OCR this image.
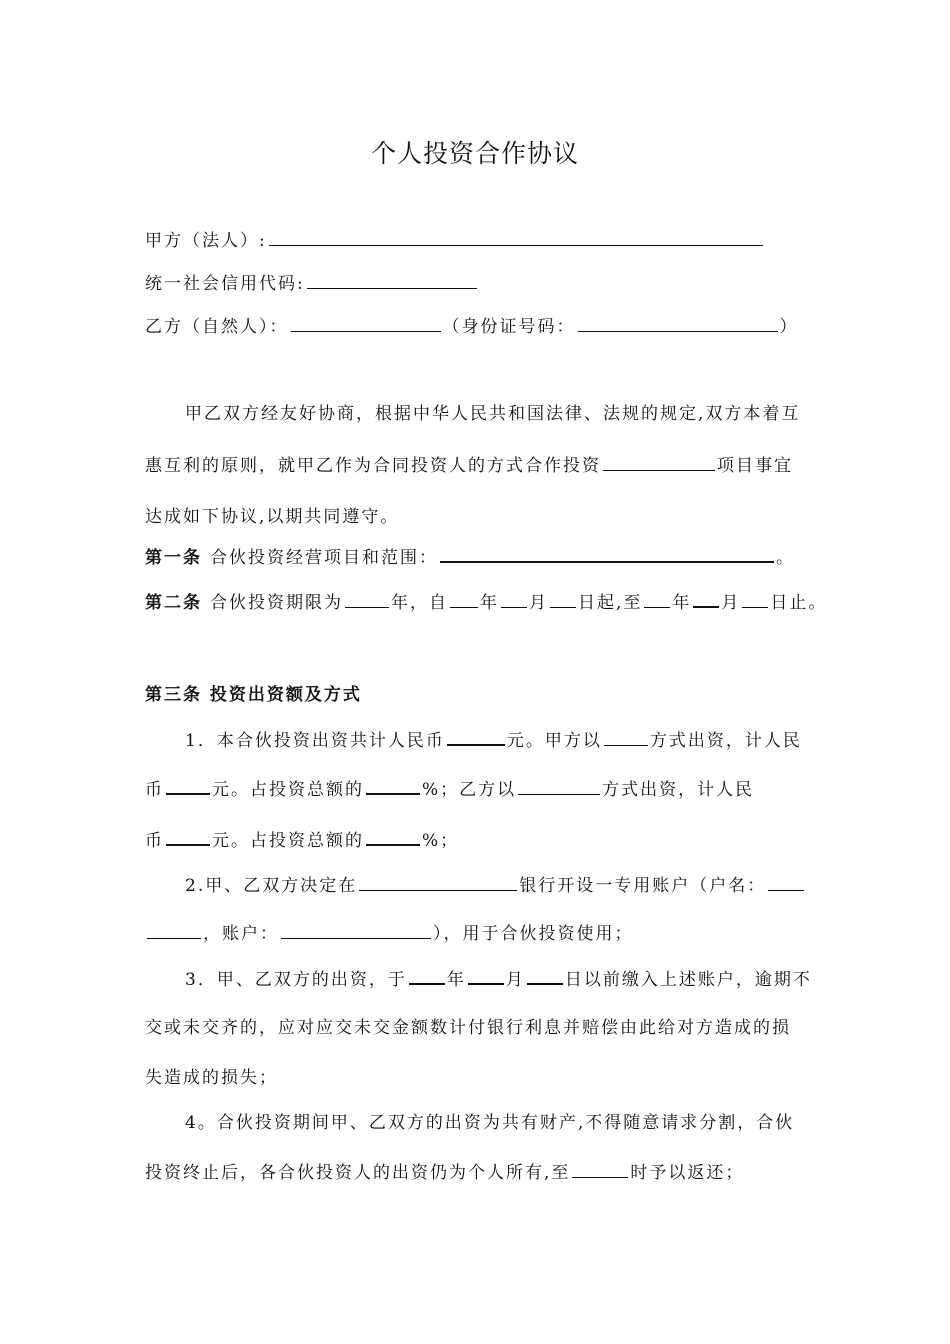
个人投资合作协议
甲方（法人）:
统一社会信用代码:
乙方（自然人）：	（身份证号码：	）
甲乙双方经友好协商，根据中华人民共和国法律、法规的规定,双方本着互
惠互利的原则，就甲乙作为合同投资人的方式合作投资	项目事宜
达成如下协议,以期共同遵守。
第一条 合伙投资经营项目和范围：	。
第二条 合伙投资期限为	年，自 年 月 日起,至 年 月 日止。
第三条 投资出资额及方式
1．本合伙投资出资共计人民币	元。甲方以	方式出资，计人民
币	元。占投资总额的	%；乙方以	方式出资，计人民
币	元。占投资总额的	%；
2.甲、乙双方决定在	银行开设一专用账户（户名：
，账户：	），用于合伙投资使用；
3．甲、乙双方的出资，于 年 月 日以前缴入上述账户，逾期不
交或未交齐的，应对应交未交金额数计付银行利息并赔偿由此给对方造成的损
失造成的损失；
4。合伙投资期间甲、乙双方的出资为共有财产,不得随意请求分割，合伙
投资终止后，各合伙投资人的出资仍为个人所有,至	时予以返还；
